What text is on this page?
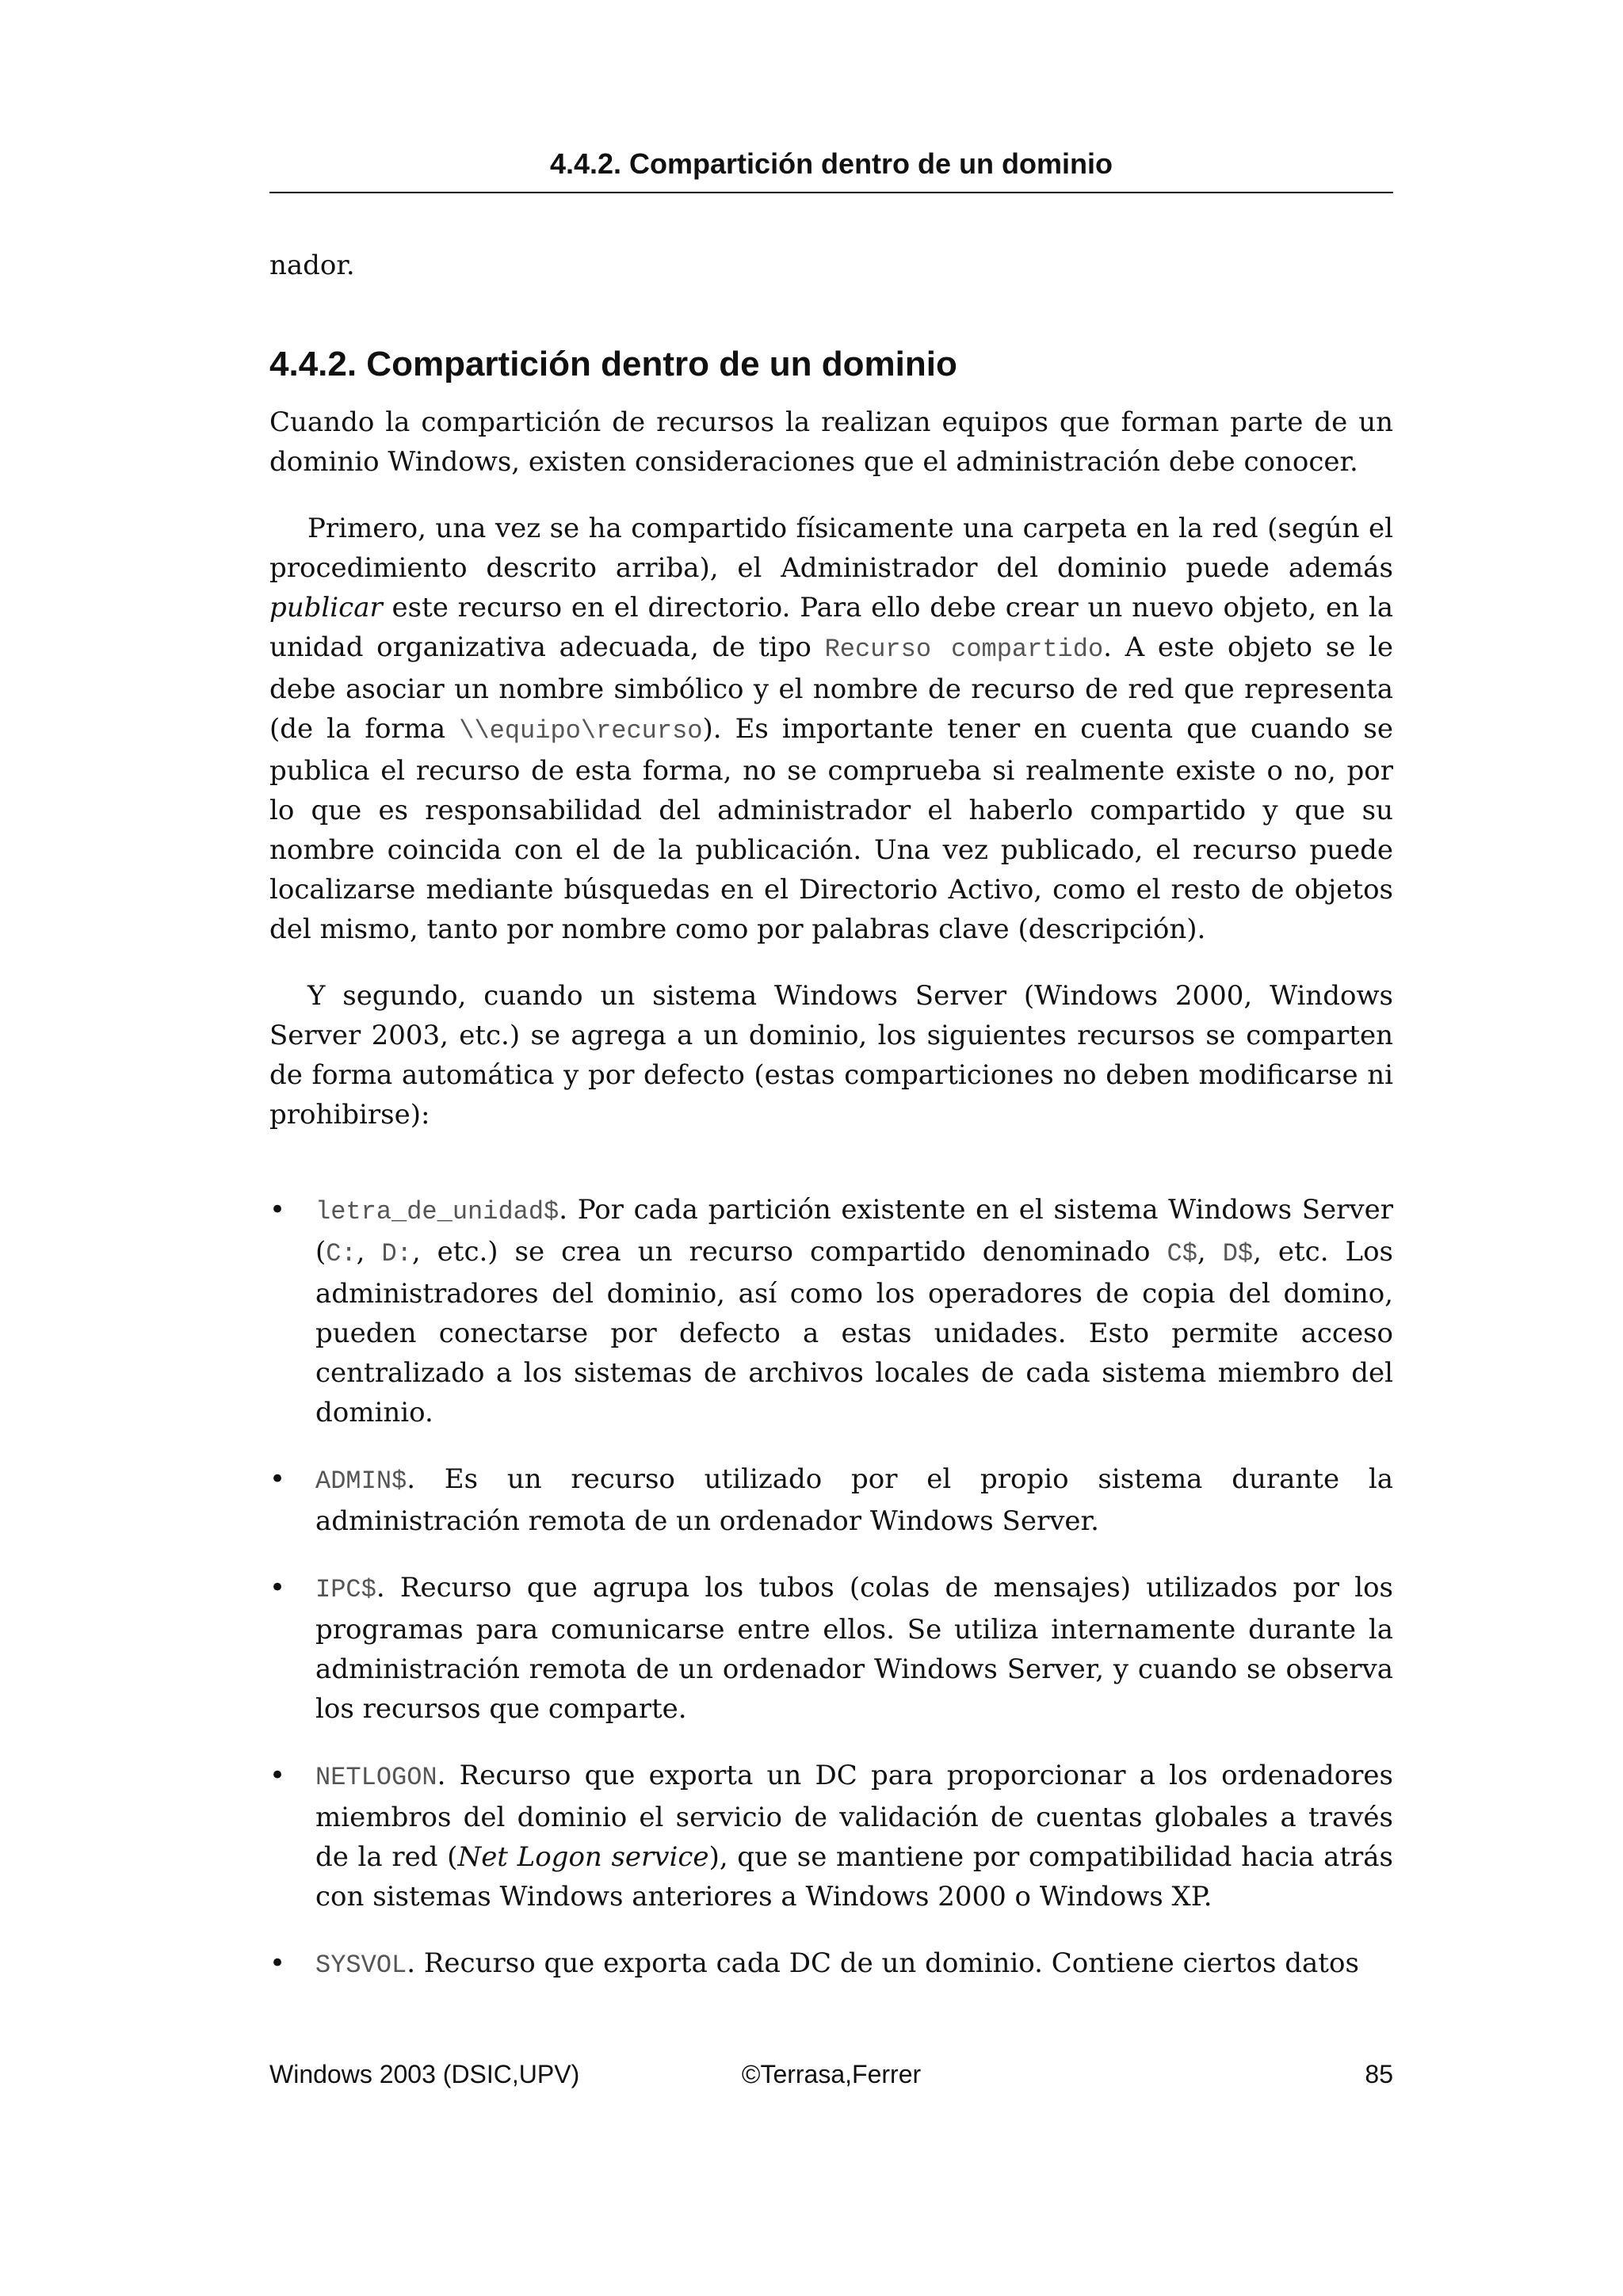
4.4.2. Compartición dentro de un dominio

nador.

4.4.2. Compartición dentro de un dominio

Cuando la compartición de recursos la realizan equipos que forman parte de un dominio Windows, existen consideraciones que el administración debe conocer.

Primero, una vez se ha compartido físicamente una carpeta en la red (según el procedimiento descrito arriba), el Administrador del dominio puede además publicar este recurso en el directorio. Para ello debe crear un nuevo objeto, en la unidad organizativa adecuada, de tipo Recurso compartido. A este objeto se le debe asociar un nombre simbólico y el nombre de recurso de red que representa (de la forma \\equipo\recurso). Es importante tener en cuenta que cuando se publica el recurso de esta forma, no se comprueba si realmente existe o no, por lo que es responsabilidad del administrador el haberlo compartido y que su nombre coincida con el de la publicación. Una vez publicado, el recurso puede localizarse mediante búsquedas en el Directorio Activo, como el resto de objetos del mismo, tanto por nombre como por palabras clave (descripción).

Y segundo, cuando un sistema Windows Server (Windows 2000, Windows Server 2003, etc.) se agrega a un dominio, los siguientes recursos se comparten de forma automática y por defecto (estas comparticiones no deben modificarse ni prohibirse):

• letra_de_unidad$. Por cada partición existente en el sistema Windows Server (C:, D:, etc.) se crea un recurso compartido denominado C$, D$, etc. Los administradores del dominio, así como los operadores de copia del domino, pueden conectarse por defecto a estas unidades. Esto permite acceso centralizado a los sistemas de archivos locales de cada sistema miembro del dominio.
• ADMIN$. Es un recurso utilizado por el propio sistema durante la administración remota de un ordenador Windows Server.
• IPC$. Recurso que agrupa los tubos (colas de mensajes) utilizados por los programas para comunicarse entre ellos. Se utiliza internamente durante la administración remota de un ordenador Windows Server, y cuando se observa los recursos que comparte.
• NETLOGON. Recurso que exporta un DC para proporcionar a los ordenadores miembros del dominio el servicio de validación de cuentas globales a través de la red (Net Logon service), que se mantiene por compatibilidad hacia atrás con sistemas Windows anteriores a Windows 2000 o Windows XP.
• SYSVOL. Recurso que exporta cada DC de un dominio. Contiene ciertos datos
Windows 2003 (DSIC,UPV)	©Terrasa,Ferrer	85
